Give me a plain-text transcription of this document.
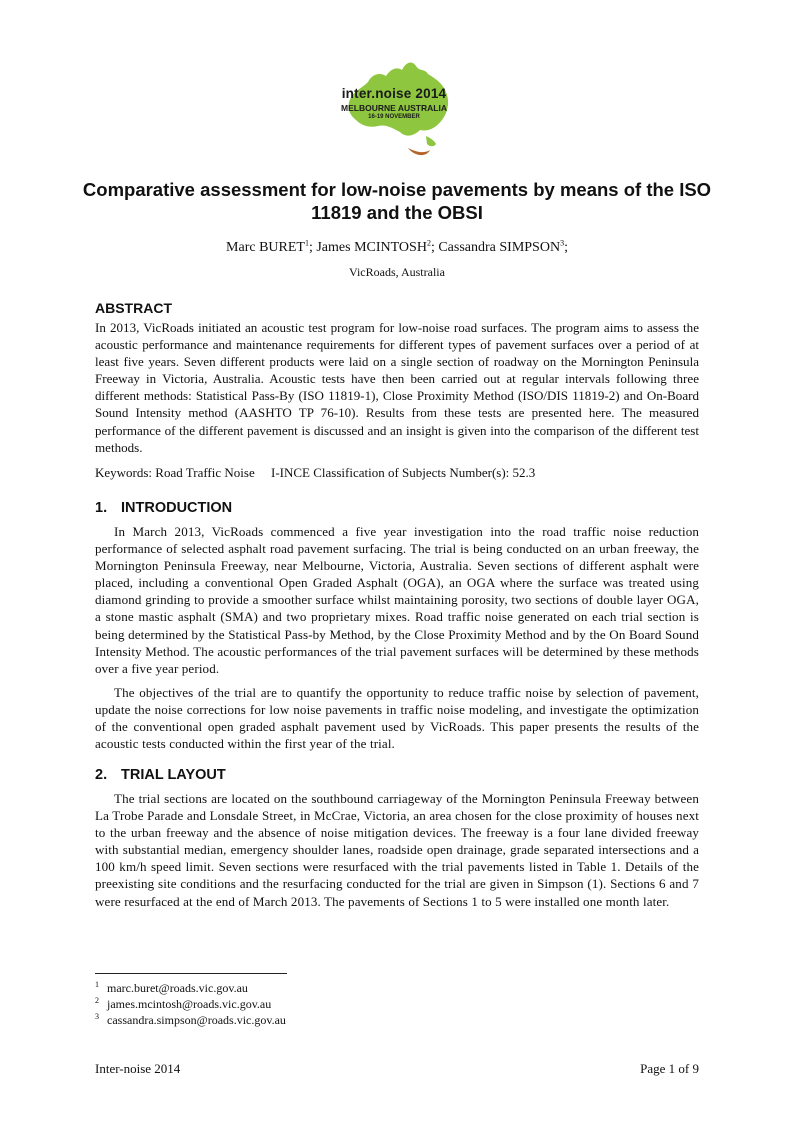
inter.noise 2014
MELBOURNE AUSTRALIA
16-19 NOVEMBER
Comparative assessment for low-noise pavements by means of the ISO 11819 and the OBSI
Marc BURET$^1$; James MCINTOSH$^2$; Cassandra SIMPSON$^3$;
VicRoads, Australia
ABSTRACT
In 2013, VicRoads initiated an acoustic test program for low-noise road surfaces. The program aims to assess the acoustic performance and maintenance requirements for different types of pavement surfaces over a period of at least five years. Seven different products were laid on a single section of roadway on the Mornington Peninsula Freeway in Victoria, Australia. Acoustic tests have then been carried out at regular intervals following three different methods: Statistical Pass-By (ISO 11819-1), Close Proximity Method (ISO/DIS 11819-2) and On-Board Sound Intensity method (AASHTO TP 76-10). Results from these tests are presented here. The measured performance of the different pavement is discussed and an insight is given into the comparison of the different test methods.
Keywords: Road Traffic Noise I-INCE Classification of Subjects Number(s): 52.3
1. INTRODUCTION
In March 2013, VicRoads commenced a five year investigation into the road traffic noise reduction performance of selected asphalt road pavement surfacing. The trial is being conducted on an urban freeway, the Mornington Peninsula Freeway, near Melbourne, Victoria, Australia. Seven sections of different asphalt were placed, including a conventional Open Graded Asphalt (OGA), an OGA where the surface was treated using diamond grinding to provide a smoother surface whilst maintaining porosity, two sections of double layer OGA, a stone mastic asphalt (SMA) and two proprietary mixes. Road traffic noise generated on each trial section is being determined by the Statistical Pass-by Method, by the Close Proximity Method and by the On Board Sound Intensity Method. The acoustic performances of the trial pavement surfaces will be determined by these methods over a five year period.
The objectives of the trial are to quantify the opportunity to reduce traffic noise by selection of pavement, update the noise corrections for low noise pavements in traffic noise modeling, and investigate the optimization of the conventional open graded asphalt pavement used by VicRoads. This paper presents the results of the acoustic tests conducted within the first year of the trial.
2. TRIAL LAYOUT
The trial sections are located on the southbound carriageway of the Mornington Peninsula Freeway between La Trobe Parade and Lonsdale Street, in McCrae, Victoria, an area chosen for the close proximity of houses next to the urban freeway and the absence of noise mitigation devices. The freeway is a four lane divided freeway with substantial median, emergency shoulder lanes, roadside open drainage, grade separated intersections and a 100 km/h speed limit. Seven sections were resurfaced with the trial pavements listed in Table 1. Details of the preexisting site conditions and the resurfacing conducted for the trial are given in Simpson (1). Sections 6 and 7 were resurfaced at the end of March 2013. The pavements of Sections 1 to 5 were installed one month later.
$^1$ marc.buret@roads.vic.gov.au
$^2$ james.mcintosh@roads.vic.gov.au
$^3$ cassandra.simpson@roads.vic.gov.au
Inter-noise 2014	Page 1 of 9
